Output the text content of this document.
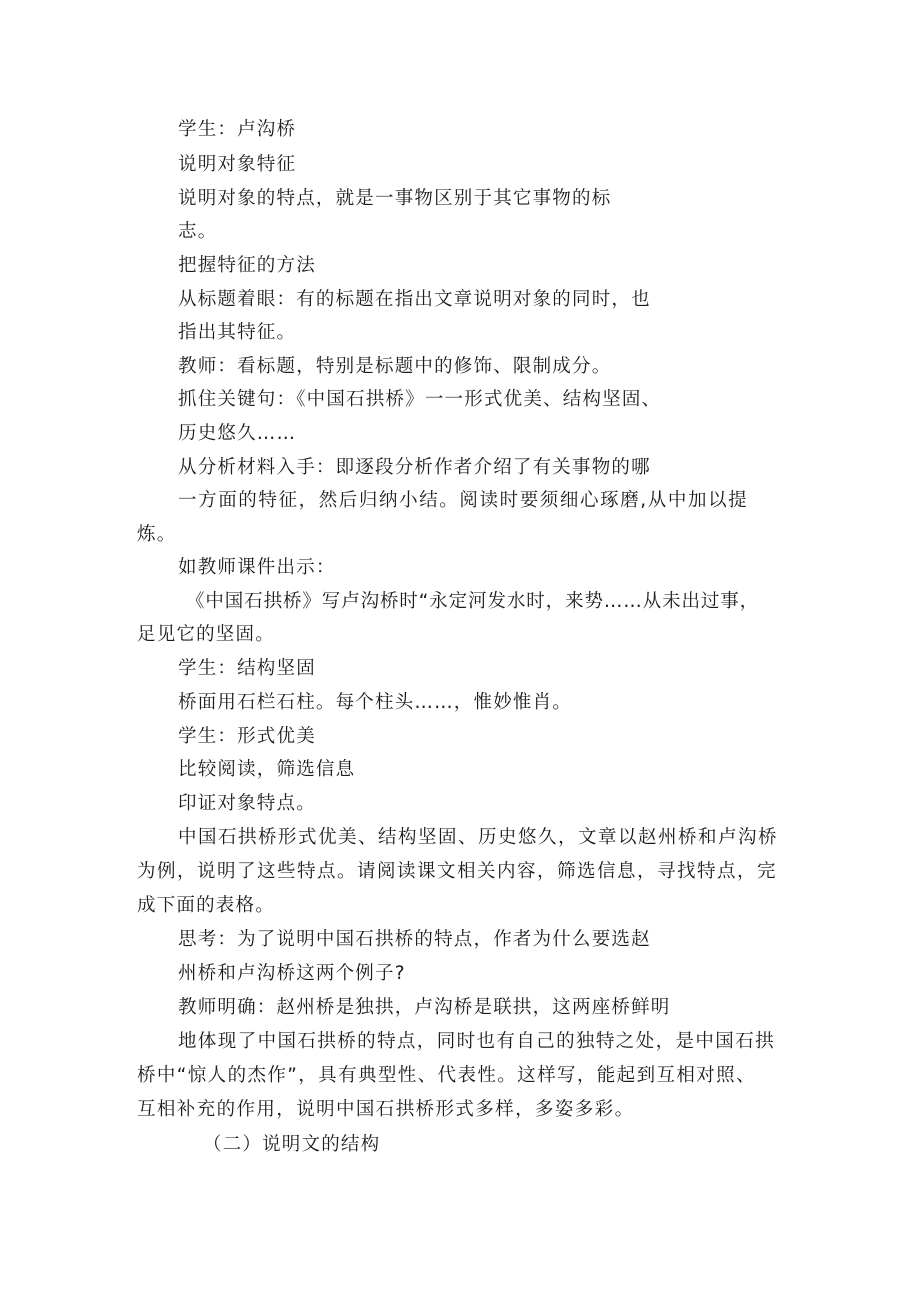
学生：卢沟桥
说明对象特征
说明对象的特点，就是一事物区别于其它事物的标
志。
把握特征的方法
从标题着眼：有的标题在指出文章说明对象的同时，也
指出其特征。
教师：看标题，特别是标题中的修饰、限制成分。
抓住关键句：《中国石拱桥》一一形式优美、结构坚固、
历史悠久……
从分析材料入手：即逐段分析作者介绍了有关事物的哪
一方面的特征，然后归纳小结。阅读时要须细心琢磨,从中加以提
炼。
如教师课件出示：
《中国石拱桥》写卢沟桥时“永定河发水时，来势……从未出过事，
足见它的坚固。
学生：结构坚固
桥面用石栏石柱。每个柱头……，惟妙惟肖。
学生：形式优美
比较阅读，筛选信息
印证对象特点。
中国石拱桥形式优美、结构坚固、历史悠久，文章以赵州桥和卢沟桥
为例，说明了这些特点。请阅读课文相关内容，筛选信息，寻找特点，完
成下面的表格。
思考：为了说明中国石拱桥的特点，作者为什么要选赵
州桥和卢沟桥这两个例子?
教师明确：赵州桥是独拱，卢沟桥是联拱，这两座桥鲜明
地体现了中国石拱桥的特点，同时也有自己的独特之处，是中国石拱
桥中“惊人的杰作”，具有典型性、代表性。这样写，能起到互相对照、
互相补充的作用，说明中国石拱桥形式多样，多姿多彩。
（二）说明文的结构
